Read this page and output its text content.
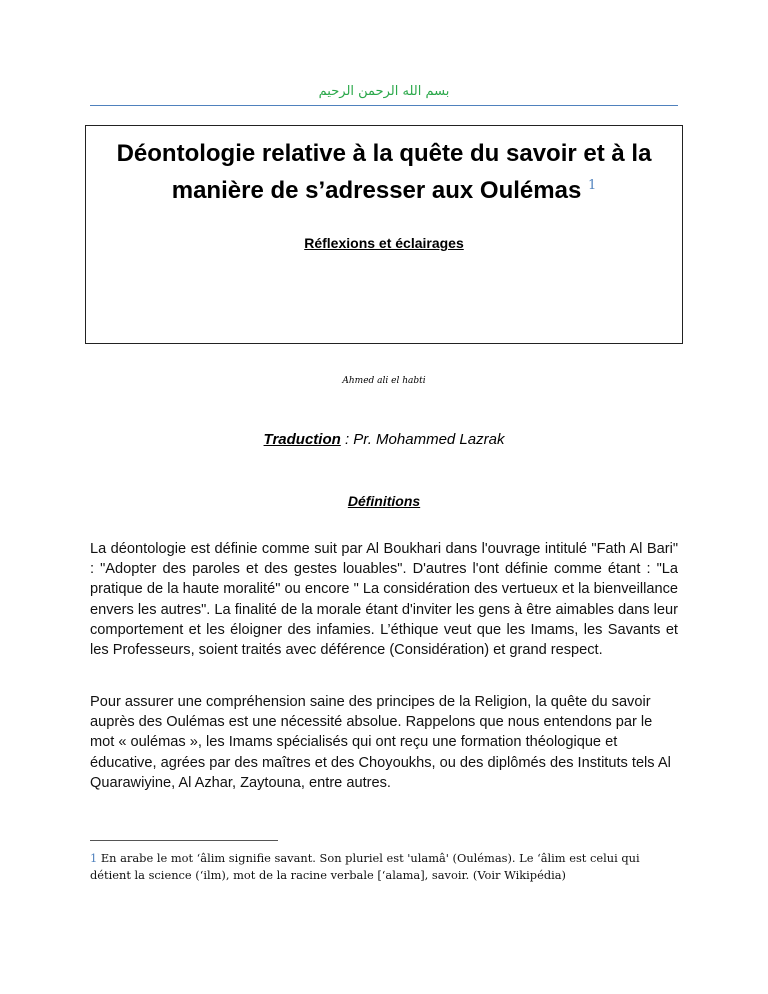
بسم الله الرحمن الرحيم
Déontologie relative à la quête du savoir et à la manière de s’adresser aux Oulémas $^1$
Réflexions et éclairages
Ahmed ali el habti
Traduction : Pr. Mohammed Lazrak
Définitions

La déontologie est définie comme suit par Al Boukhari dans l'ouvrage intitulé "Fath Al Bari" : "Adopter des paroles et des gestes louables". D'autres l'ont définie comme étant : "La pratique de la haute moralité" ou encore " La considération des vertueux et la bienveillance envers les autres". La finalité de la morale étant d'inviter les gens à être aimables dans leur comportement et les éloigner des infamies. L’éthique veut que les Imams, les Savants et les Professeurs, soient traités avec déférence (Considération) et grand respect.

Pour assurer une compréhension saine des principes de la Religion, la quête du savoir auprès des Oulémas est une nécessité absolue. Rappelons que nous entendons par le mot « oulémas », les Imams spécialisés qui ont reçu une formation théologique et éducative, agrées par des maîtres et des Choyoukhs, ou des diplômés des Instituts tels Al Quarawiyine, Al Azhar, Zaytouna, entre autres.

1 En arabe le mot ‘âlim signifie savant. Son pluriel est 'ulamâ' (Oulémas). Le ‘âlim est celui qui détient la science (‘ilm), mot de la racine verbale [‘alama], savoir. (Voir Wikipédia)
